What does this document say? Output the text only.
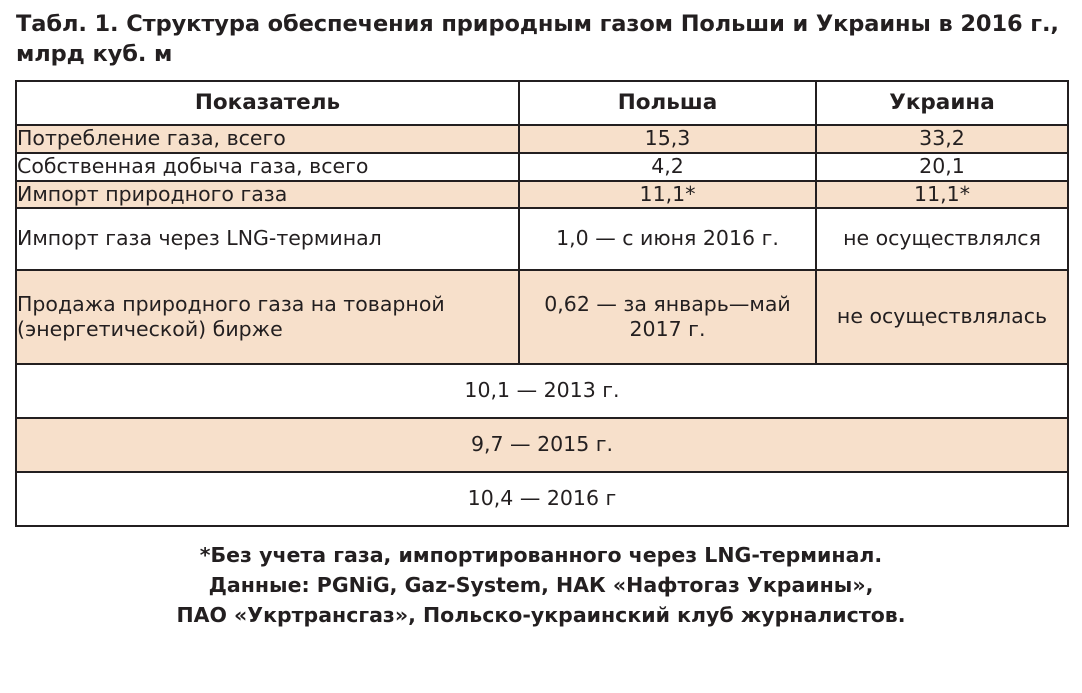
Табл. 1. Структура обеспечения природным газом Польши и Украины в 2016 г., млрд куб. м
Показатель	Польша	Украина
Потребление газа, всего	15,3	33,2
Собственная добыча газа, всего	4,2	20,1
Импорт природного газа	11,1*	11,1*
Импорт газа через LNG-терминал	1,0 — с июня 2016 г.	не осуществлялся
Продажа природного газа на товарной (энергетической) бирже	0,62 — за январь—май 2017 г.	не осуществлялась
10,1 — 2013 г.		
9,7 — 2015 г.		
10,4 — 2016 г		
*Без учета газа, импортированного через LNG-терминал.
Данные: PGNiG, Gaz-System, НАК «Нафтогаз Украины»,
ПАО «Укртрансгаз», Польско-украинский клуб журналистов.
